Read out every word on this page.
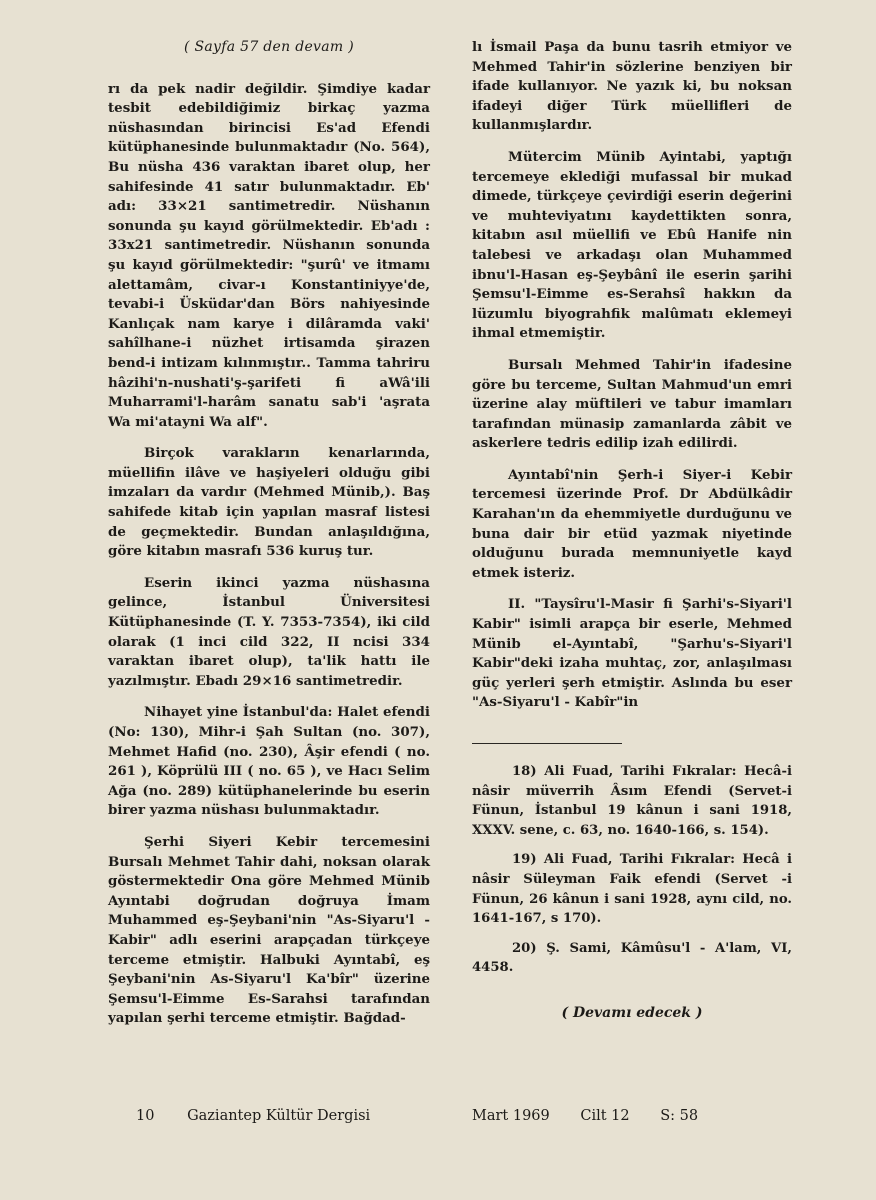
( Sayfa 57 den devam )

rı da pek nadir değildir. Şimdiye kadar tesbit edebildiğimiz birkaç yazma nüshasından birincisi Es'ad Efendi kütüphanesinde bulunmaktadır (No. 564), Bu nüsha 436 varaktan ibaret olup, her sahifesinde 41 satır bulunmaktadır. Eb' adı: 33×21 santimetredir. Nüshanın sonunda şu kayıd görülmektedir. Eb'adı : 33x21 santimetredir. Nüshanın sonunda şu kayıd görülmektedir: "şurû' ve itmamı alettamâm, civar-ı Konstantiniyye'de, tevabi-i Üsküdar'dan Börs nahiyesinde Kanlıçak nam karye i dilâramda vaki' sahîlhane-i nüzhet irtisamda şirazen bend-i intizam kılınmıştır.. Tamma tahriru hâzihi'n-nushati'ş-şarifeti fi aWâ'ili Muharrami'l-harâm sanatu sab'i 'aşrata Wa mi'atayni Wa alf".

Birçok varakların kenarlarında, müellifin ilâve ve haşiyeleri olduğu gibi imzaları da vardır (Mehmed Münib,). Baş sahifede kitab için yapılan masraf listesi de geçmektedir. Bundan anlaşıldığına, göre kitabın masrafı 536 kuruş tur.

Eserin ikinci yazma nüshasına gelince, İstanbul Üniversitesi Kütüphanesinde (T. Y. 7353-7354), iki cild olarak (1 inci cild 322, II ncisi 334 varaktan ibaret olup), ta'lik hattı ile yazılmıştır. Ebadı 29×16 santimetredir.

Nihayet yine İstanbul'da: Halet efendi (No: 130), Mihr-i Şah Sultan (no. 307), Mehmet Hafid (no. 230), Âşir efendi ( no. 261 ), Köprülü III ( no. 65 ), ve Hacı Selim Ağa (no. 289) kütüphanelerinde bu eserin birer yazma nüshası bulunmaktadır.

Şerhi Siyeri Kebir tercemesini Bursalı Mehmet Tahir dahi, noksan olarak göstermektedir Ona göre Mehmed Münib Ayıntabi doğrudan doğruya İmam Muhammed eş-Şeybani'nin "As-Siyaru'l -Kabir" adlı eserini arapçadan türkçeye terceme etmiştir. Halbuki Ayıntabî, eş Şeybani'nin As-Siyaru'l Ka'bîr" üzerine Şemsu'l-Eimme Es-Sarahsi tarafından yapılan şerhi terceme etmiştir. Bağdad-

lı İsmail Paşa da bunu tasrih etmiyor ve Mehmed Tahir'in sözlerine benziyen bir ifade kullanıyor. Ne yazık ki, bu noksan ifadeyi diğer Türk müellifleri de kullanmışlardır.

Mütercim Münib Ayintabi, yaptığı tercemeye eklediği mufassal bir mukad dimede, türkçeye çevirdiği eserin değerini ve muhteviyatını kaydettikten sonra, kitabın asıl müellifi ve Ebû Hanife nin talebesi ve arkadaşı olan Muhammed ibnu'l-Hasan eş-Şeybânî ile eserin şarihi Şemsu'l-Eimme es-Serahsî hakkın da lüzumlu biyograhfik malûmatı eklemeyi ihmal etmemiştir.

Bursalı Mehmed Tahir'in ifadesine göre bu terceme, Sultan Mahmud'un emri üzerine alay müftileri ve tabur imamları tarafından münasip zamanlarda zâbit ve askerlere tedris edilip izah edilirdi.

Ayıntabî'nin Şerh-i Siyer-i Kebir tercemesi üzerinde Prof. Dr Abdülkâdir Karahan'ın da ehemmiyetle durduğunu ve buna dair bir etüd yazmak niyetinde olduğunu burada memnuniyetle kayd etmek isteriz.

II. "Taysîru'l-Masir fi Şarhi's-Siyari'l Kabir" isimli arapça bir eserle, Mehmed Münib el-Ayıntabî, "Şarhu's-Siyari'l Kabir"deki izaha muhtaç, zor, anlaşılması güç yerleri şerh etmiştir. Aslında bu eser "As-Siyaru'l - Kabîr"in

18) Ali Fuad, Tarihi Fıkralar: Hecâ-i nâsir müverrih Âsım Efendi (Servet-i Fünun, İstanbul 19 kânun i sani 1918, XXXV. sene, c. 63, no. 1640-166, s. 154).

19) Ali Fuad, Tarihi Fıkralar: Hecâ i nâsir Süleyman Faik efendi (Servet -i Fünun, 26 kânun i sani 1928, aynı cild, no. 1641-167, s 170).

20) Ş. Sami, Kâmûsu'l - A'lam, VI, 4458.

( Devamı edecek )
10 Gaziantep Kültür Dergisi	Mart 1969 Cilt 12 S: 58
